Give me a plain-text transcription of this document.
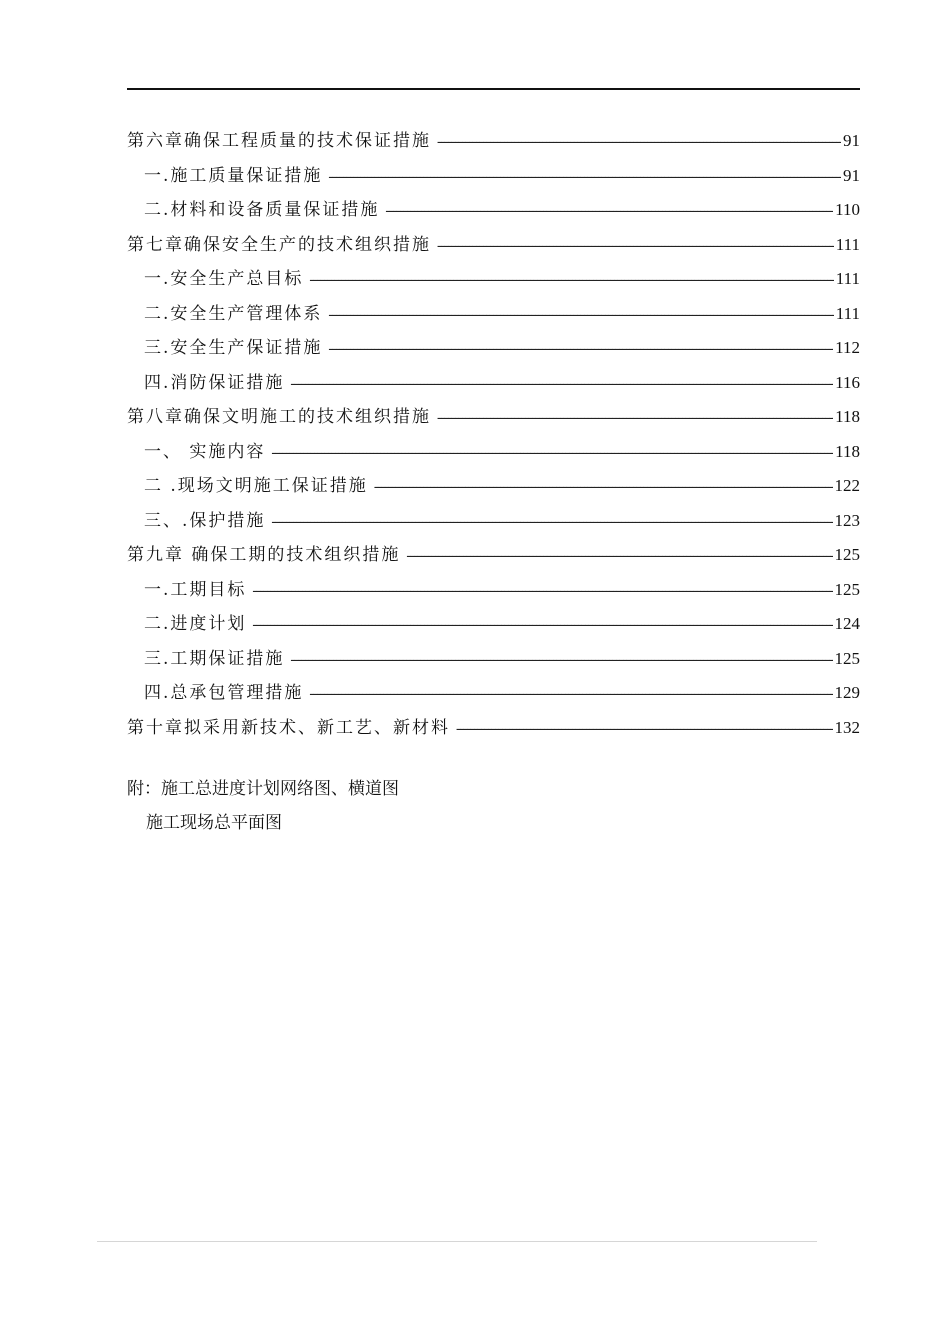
第六章确保工程质量的技术保证措施 -----	91
一.施工质量保证措施 -----	91
二.材料和设备质量保证措施 -----	110
第七章确保安全生产的技术组织措施 -----	111
一.安全生产总目标 -----	111
二.安全生产管理体系 -----	111
三.安全生产保证措施 -----	112
四.消防保证措施 -----	116
第八章确保文明施工的技术组织措施 -----	118
一、 实施内容 -----	118
二 .现场文明施工保证措施 -----	122
三、.保护措施 -----	123
第九章 确保工期的技术组织措施 -----	125
一.工期目标 -----	125
二.进度计划 -----	124
三.工期保证措施 -----	125
四.总承包管理措施 -----	129
第十章拟采用新技术、新工艺、新材料 -----	132
附：施工总进度计划网络图、横道图
施工现场总平面图
